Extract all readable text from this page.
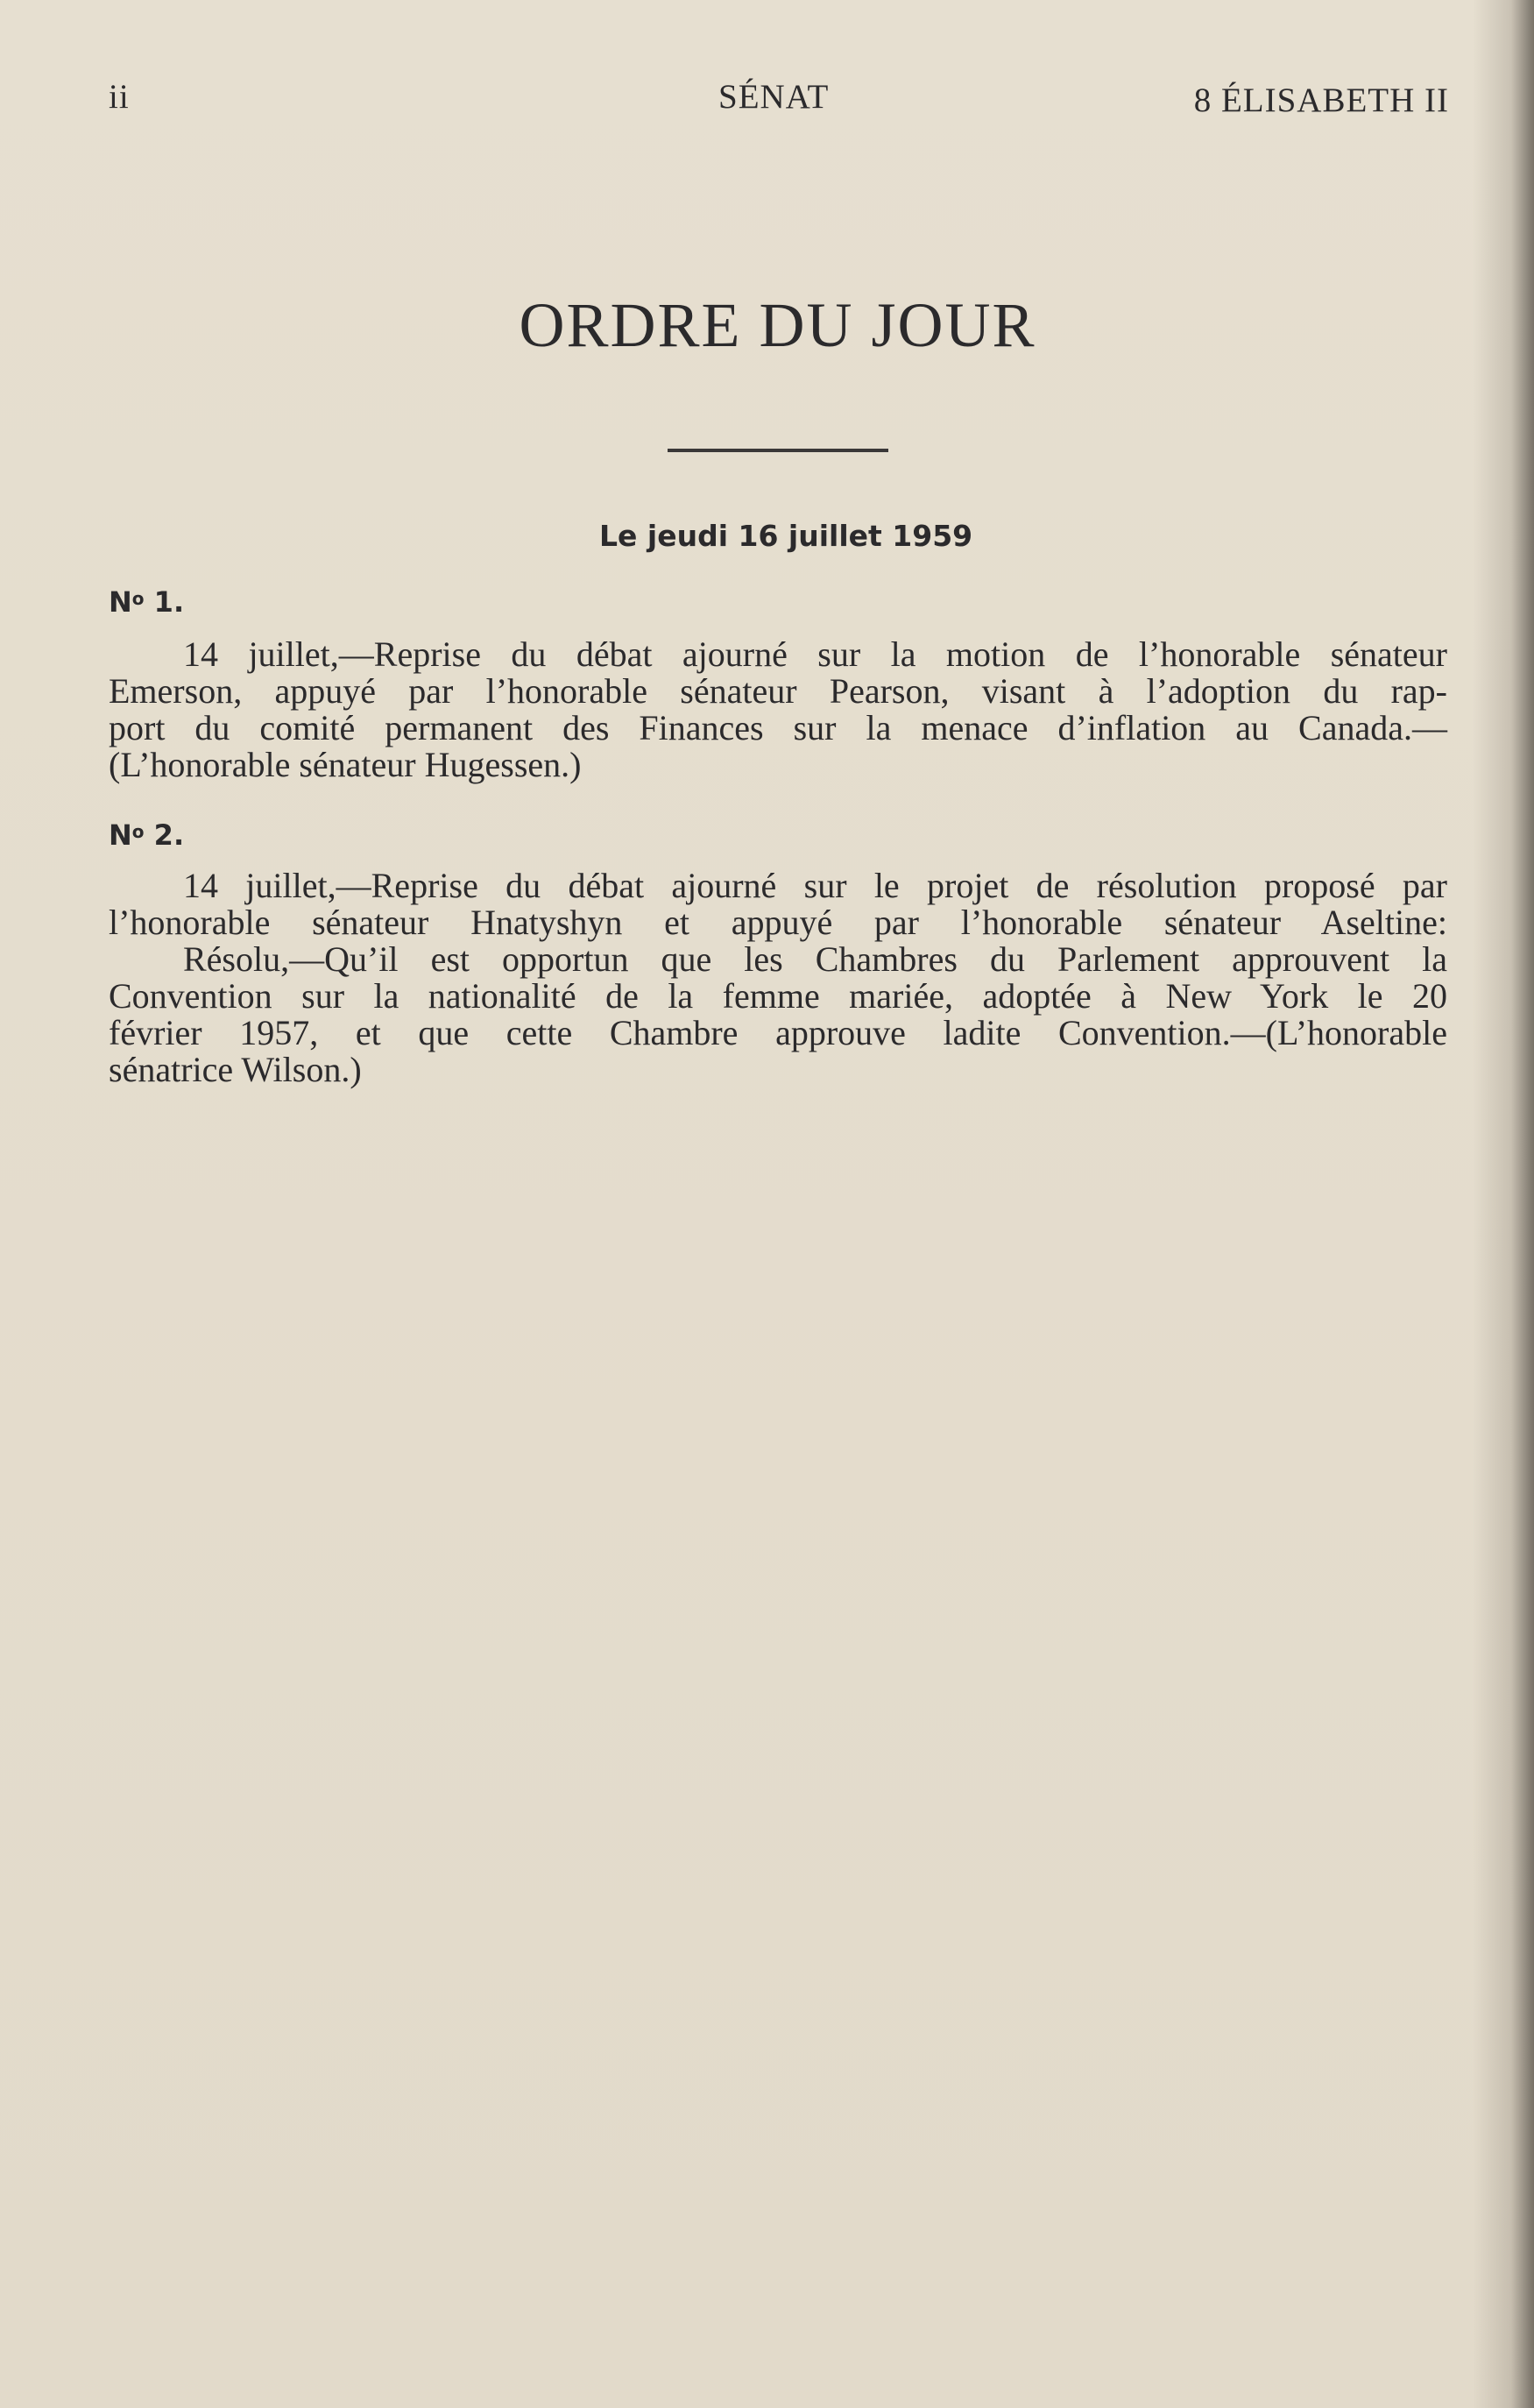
ii	SÉNAT	8 ÉLISABETH II
ORDRE DU JOUR
Le jeudi 16 juillet 1959
$N^o$ 1.
14 juillet,—Reprise du débat ajourné sur la motion de l’honorable sénateur
Emerson, appuyé par l’honorable sénateur Pearson, visant à l’adoption du rap-
port du comité permanent des Finances sur la menace d’inflation au Canada.—
(L’honorable sénateur Hugessen.)
$N^o$ 2.
14 juillet,—Reprise du débat ajourné sur le projet de résolution proposé par
l’honorable sénateur Hnatyshyn et appuyé par l’honorable sénateur Aseltine:
Résolu,—Qu’il est opportun que les Chambres du Parlement approuvent la
Convention sur la nationalité de la femme mariée, adoptée à New York le 20
février 1957, et que cette Chambre approuve ladite Convention.—(L’honorable
sénatrice Wilson.)
